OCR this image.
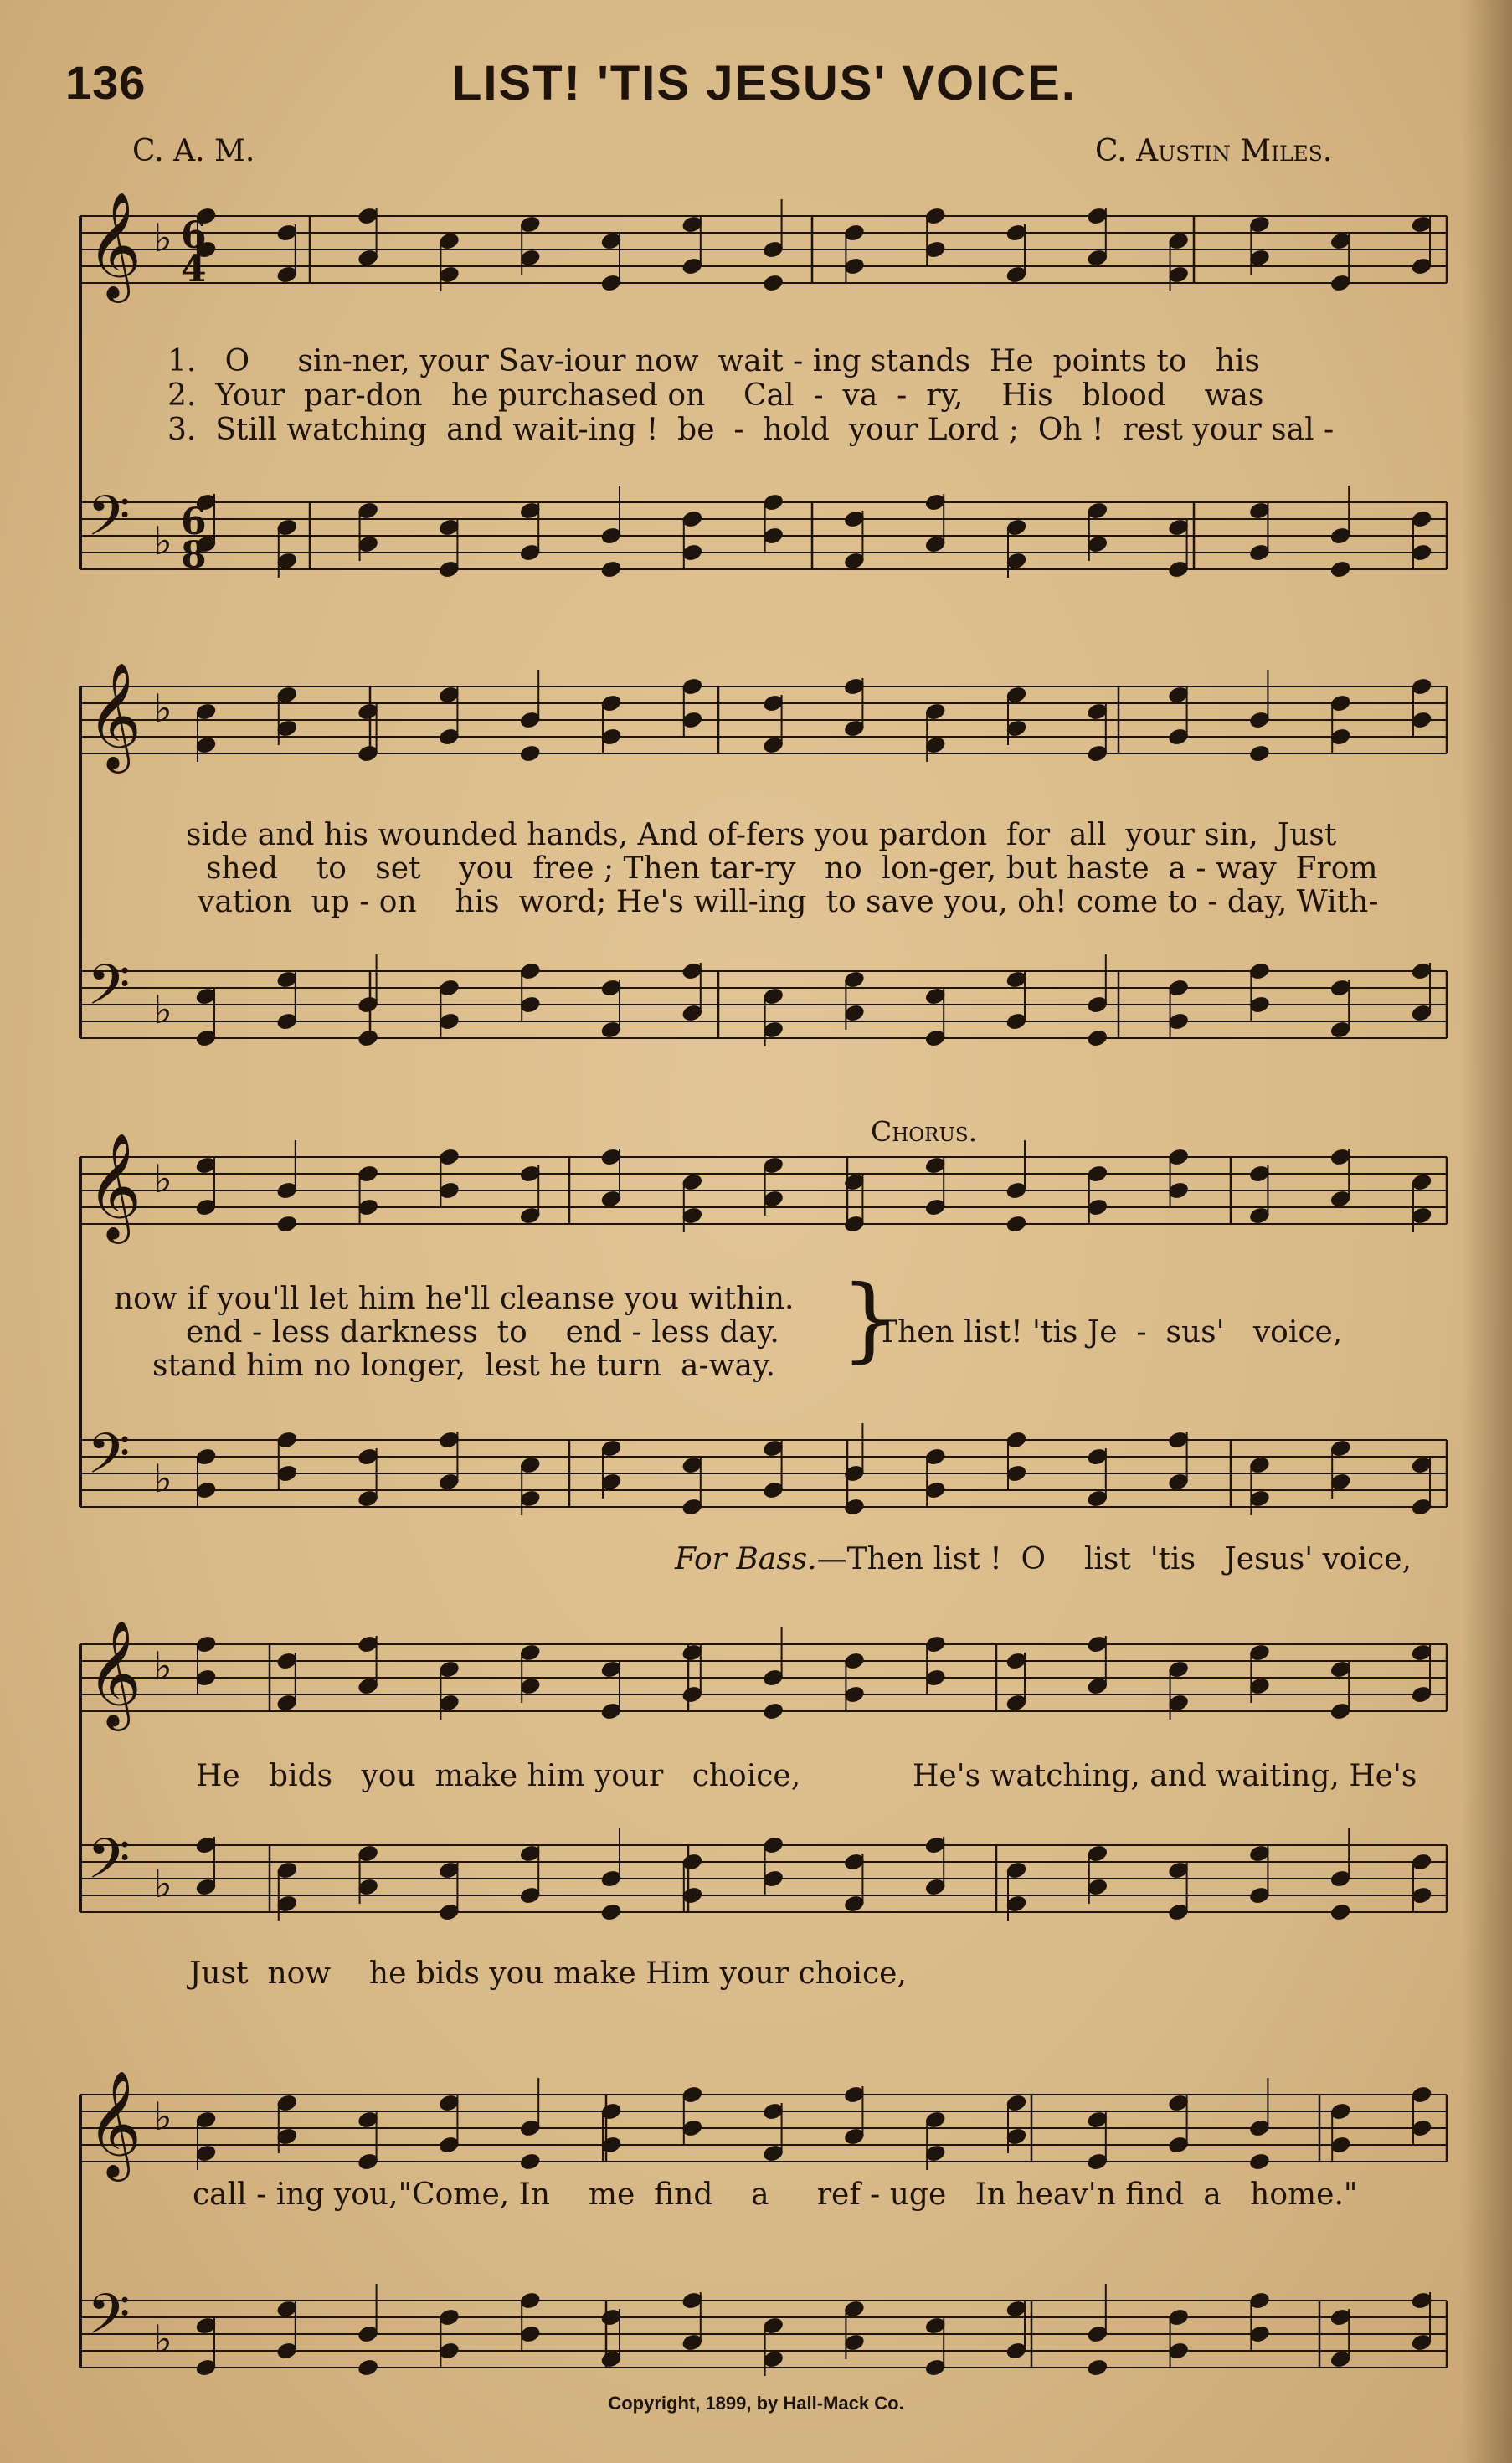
136	LIST! 'TIS JESUS' VOICE.
C. A. M.	C. Austin Miles.
𝄞 ♭
𝄢 ♭
𝄞 ♭
𝄢 ♭
𝄞 ♭
𝄢 ♭
𝄞 ♭
𝄢 ♭
𝄞 ♭
𝄢 ♭
6
4
6
8
1.   O     sin-ner, your Sav-iour now  wait - ing stands  He  points to   his
2.  Your  par-don   he purchased on    Cal  -  va  -  ry,    His   blood    was
3.  Still watching  and wait-ing !  be  -  hold  your Lord ;  Oh !  rest your sal -
side and his wounded hands, And of-fers you pardon  for  all  your sin,  Just
shed    to   set    you  free ; Then tar-ry   no  lon-ger, but haste  a - way  From
vation  up - on    his  word; He's will-ing  to save you, oh! come to - day, With-
Chorus.
now if you'll let him he'll cleanse you within.
end - less darkness  to    end - less day.
stand him no longer,  lest he turn  a-way. }
Then list! 'tis Je  -  sus'   voice,
For Bass.—Then list !  O    list  'tis   Jesus' voice,
He   bids   you  make him your   choice,	He's watching, and waiting, He's
Just  now    he bids you make Him your choice,
call - ing you,"Come, In    me  find    a     ref - uge   In heav'n find  a   home."
Copyright, 1899, by Hall-Mack Co.
